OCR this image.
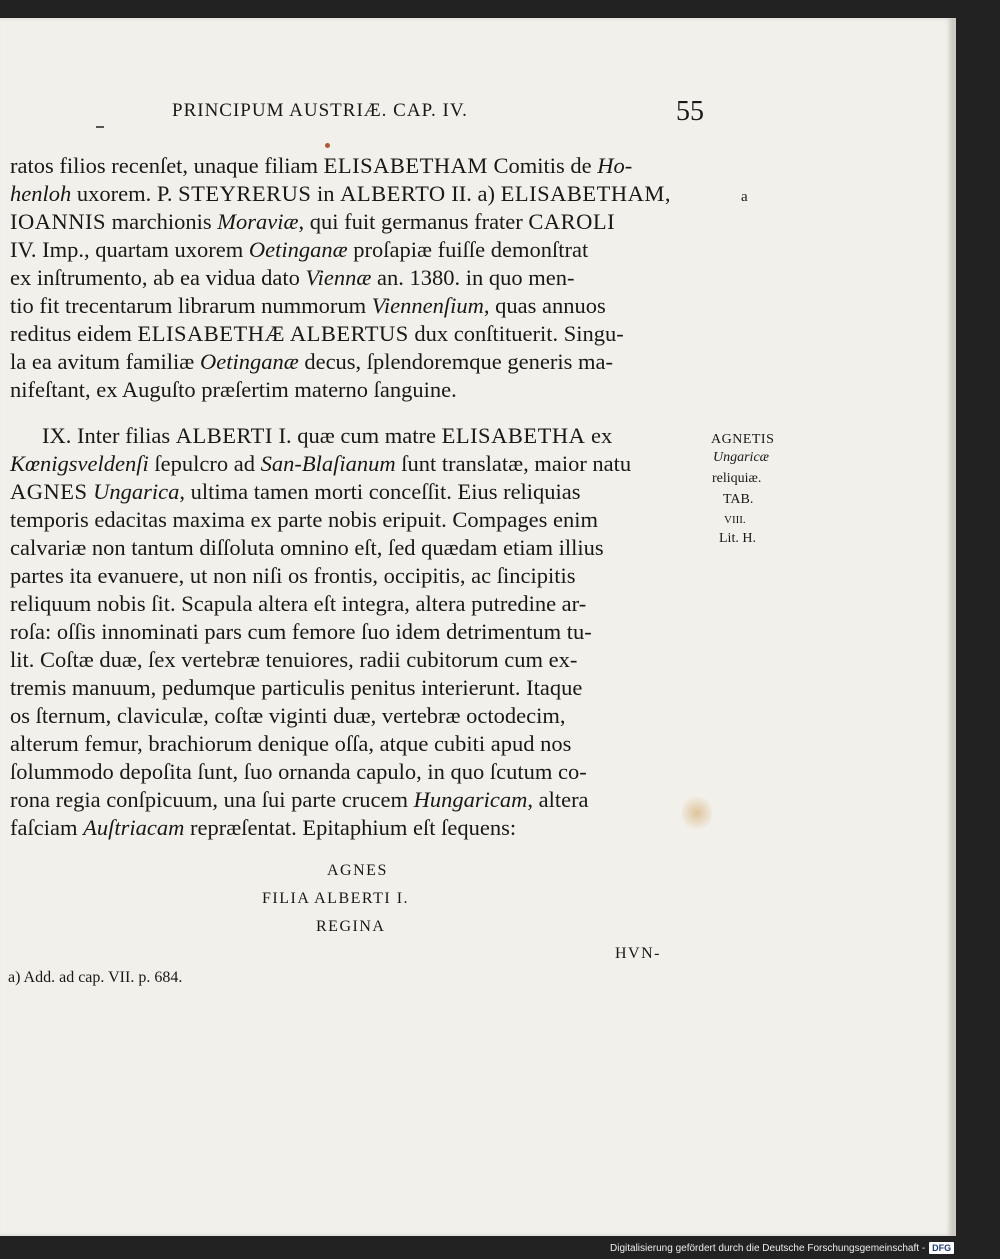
PRINCIPUM AUSTRIÆ. CAP. IV.	55
ratos filios recenſet, unaque filiam ELISABETHAM Comitis de Ho-
henloh uxorem. P. STEYRERUS in ALBERTO II. a) ELISABETHAM,
IOANNIS marchionis Moraviæ, qui fuit germanus frater CAROLI
IV. Imp., quartam uxorem Oetinganæ proſapiæ fuiſſe demonſtrat
ex inſtrumento, ab ea vidua dato Viennæ an. 1380. in quo men-
tio fit trecentarum librarum nummorum Viennenſium, quas annuos
reditus eidem ELISABETHÆ ALBERTUS dux conſtituerit. Singu-
la ea avitum familiæ Oetinganæ decus, ſplendoremque generis ma-
nifeſtant, ex Auguſto præſertim materno ſanguine.
IX. Inter filias ALBERTI I. quæ cum matre ELISABETHA ex
Kœnigsveldenſi ſepulcro ad San-Blaſianum ſunt translatæ, maior natu
AGNES Ungarica, ultima tamen morti conceſſit. Eius reliquias
temporis edacitas maxima ex parte nobis eripuit. Compages enim
calvariæ non tantum diſſoluta omnino eſt, ſed quædam etiam illius
partes ita evanuere, ut non niſi os frontis, occipitis, ac ſincipitis
reliquum nobis ſit. Scapula altera eſt integra, altera putredine ar-
roſa: oſſis innominati pars cum femore ſuo idem detrimentum tu-
lit. Coſtæ duæ, ſex vertebræ tenuiores, radii cubitorum cum ex-
tremis manuum, pedumque particulis penitus interierunt. Itaque
os ſternum, claviculæ, coſtæ viginti duæ, vertebræ octodecim,
alterum femur, brachiorum denique oſſa, atque cubiti apud nos
ſolummodo depoſita ſunt, ſuo ornanda capulo, in quo ſcutum co-
rona regia conſpicuum, una ſui parte crucem Hungaricam, altera
faſciam Auſtriacam repræſentat. Epitaphium eſt ſequens:
a
AGNETIS
Ungaricæ
reliquiæ.
TAB.
VIII.
Lit. H.
AGNES
FILIA ALBERTI I.
REGINA
HVN-
a) Add. ad cap. VII. p. 684.
Digitalisierung gefördert durch die Deutsche Forschungsgemeinschaft - DFG
